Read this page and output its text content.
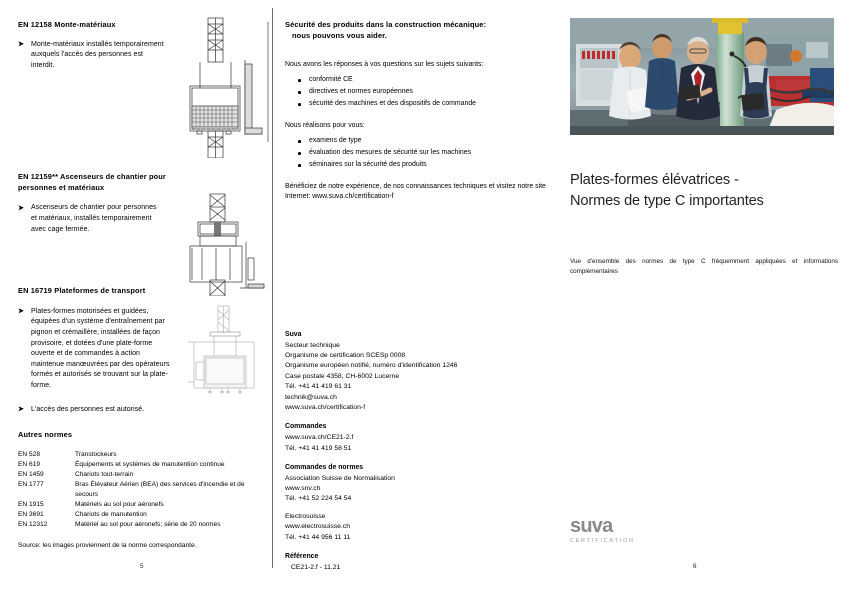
EN 12158 Monte-matériaux
➤	Monte-matériaux installés temporairement auxquels l'accès des personnes est interdit.
EN 12159** Ascenseurs de chantier pour personnes et matériaux
➤	Ascenseurs de chantier pour personnes et matériaux, installés temporairement avec cage fermée.
EN 16719 Plateformes de transport
➤	Plates-formes motorisées et guidées, équipées d'un système d'entraînement par pignon et crémaillère, installées de façon provisoire, et dotées d'une plate-forme ouverte et de commandes à action maintenue manœuvrées par des opérateurs formés et autorisés se trouvant sur la plate-forme.
➤	L'accès des personnes est autorisé.
Autres normes
EN 528	Transtockeurs
EN 619	Équipements et systèmes de manutention continue
EN 1459	Chariots tout-terrain
EN 1777	Bras Élévateur Aérien (BEA) des services d'incendie et de secours
EN 1915	Matériels au sol pour aéronefs
EN 3691	Chariots de manutention
EN 12312	Matériel au sol pour aéronefs; série de 20 normes
Source: les images proviennent de la norme correspondante.
5
Sécurité des produits dans la construction mécanique:
nous pouvons vous aider.
Nous avons les réponses à vos questions sur les sujets suivants:
conformité CE
directives et normes européennes
sécurité des machines et des dispositifs de commande
Nous réalisons pour vous:
examens de type
évaluation des mesures de sécurité sur les machines
séminaires sur la sécurité des produits
Bénéficiez de notre expérience, de nos connaissances techniques et visitez notre site Internet: www.suva.ch/certification-f
Suva
Secteur technique
Organisme de certification SCESp 0008
Organisme européen notifié, numéro d'identification 1246
Case postale 4358, CH-6002 Lucerne
Tél. +41 41 419 61 31
technik@suva.ch
www.suva.ch/certification-f
Commandes
www.suva.ch/CE21-2.f
Tél. +41 41 419 58 51
Commandes de normes
Association Suisse de Normalisation
www.snv.ch
Tél. +41 52 224 54 54
Electrosuisse
www.electrosuisse.ch
Tél. +41 44 956 11 11
Référence
CE21-2.f - 11.21	6
Plates-formes élévatrices -
Normes de type C importantes
Vue d'ensemble des normes de type C fréquemment appliquées et informations complémentaires
suva
CERTIFICATION
